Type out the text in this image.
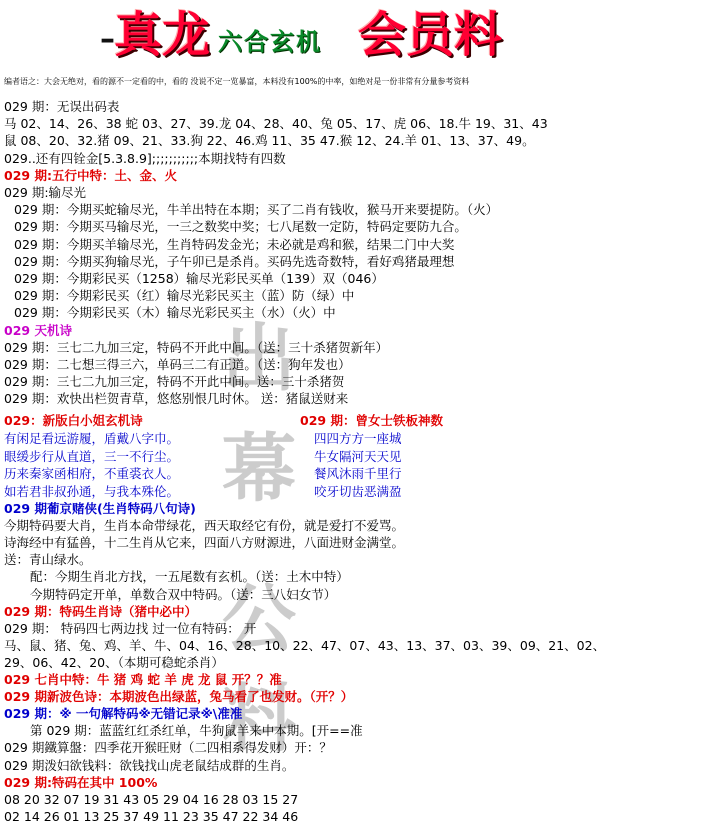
– 真龙 六合玄机 会员料
编者语之：大会无绝对，看的源不一定看的中，看的 没说不定一览暴富，本料没有100%的中率，如绝对是一份非常有分量参考资料
出
幕
公
料
029 期：无误出码表
马 02、14、26、38 蛇 03、27、39.龙 04、28、40、兔 05、17、虎 06、18.牛 19、31、43
鼠 08、20、32.猪 09、21、33.狗 22、46.鸡 11、35 47.猴 12、24.羊 01、13、37、49。
029..还有四铨金[5.3.8.9];;;;;;;;;;;本期找特有四数
029 期:五行中特：土、金、火
029 期:输尽光
029 期：今期买蛇输尽光，牛羊出特在本期；买了二肖有钱收，猴马开来要提防。（火）
029 期：今期买马输尽光，一三之数奖中奖；七八尾数一定防，特码定要防九合。
029 期：今期买羊输尽光，生肖特码发金光；未必就是鸡和猴，结果二门中大奖
029 期：今期买狗输尽光，子午卯已是杀肖。买码先选奇数特，看好鸡猪最理想
029 期：今期彩民买（1258）输尽光彩民买单（139）双（046）
029 期：今期彩民买（红）输尽光彩民买主（蓝）防（绿）中
029 期：今期彩民买（木）输尽光彩民买主（水）（火）中
029 天机诗
029 期：三七二九加三定，特码不开此中间。（送：三十杀猪贺新年）
029 期：二七想三得三六，单码三二有正道。（送：狗年发也）
029 期：三七二九加三定，特码不开此中间。送：三十杀猪贺
029 期：欢快出栏贺青草，悠悠别恨几时休。 送：猪鼠送财来
029：新版白小姐玄机诗	029 期：曾女士铁板神数
有闲足看远游履，盾戴八字巾。
眼缓步行从直道，三一不行尘。
历来秦家函相府，不重裘衣人。
如若君非叔孙通，与我本殊伦。
四四方方一座城
牛女隔河天天见
餐风沐雨千里行
咬牙切齿恶满盈
029 期葡京赌侠(生肖特码八句诗)
今期特码要大肖，生肖本命带绿花，西天取经它有份，就是爱打不爱骂。
诗海经中有猛兽，十二生肖从它来，四面八方财源进，八面进财金满堂。
送：青山绿水。
配：今期生肖北方找，一五尾数有玄机。（送：土木中特）
今期特码定开单，单数合双中特码。（送：三八妇女节）
029 期：特码生肖诗（猪中必中）
029 期： 特码四七两边找 过一位有特码： 开
马、鼠、猪、兔、鸡、羊、牛、04、16、28、10、22、47、07、43、13、37、03、39、09、21、02、
29、06、42、20、（本期可稳蛇杀肖）
029 七肖中特：牛 猪 鸡 蛇 羊 虎 龙 鼠 开？？准
029 期新波色诗：本期波色出绿蓝，兔马看了也发财。（开？）
029 期：※ 一句解特码※无错记录※\准准
第 029 期：蓝蓝红红杀红单，牛狗鼠羊来中本期。[开==准
029 期鐵算盤：四季花开猴旺财（二四相系得发财）开：？
029 期泼妇欲钱料：欲钱找山虎老鼠结成群的生肖。
029 期:特码在其中 100%
08 20 32 07 19 31 43 05 29 04 16 28 03 15 27
02 14 26 01 13 25 37 49 11 23 35 47 22 34 46
